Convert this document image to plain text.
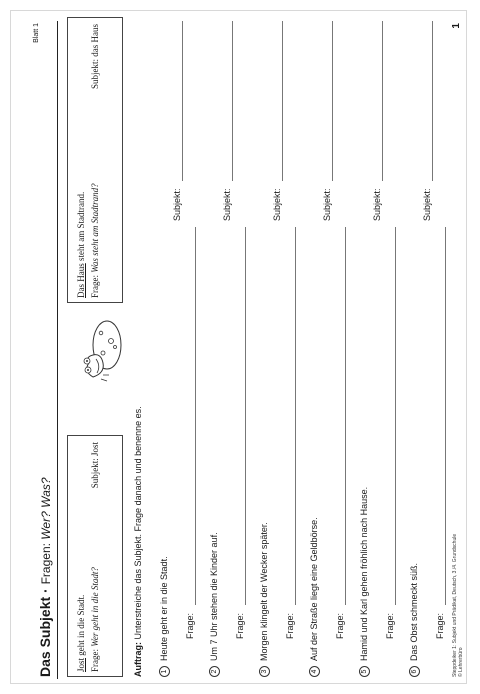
Das Subjekt · Fragen: Wer? Was?
Blatt 1
Jost geht in die Stadt.
Frage: Wer geht in die Stadt?
Subjekt: Jost
Das Haus steht am Stadtrand.
Frage: Was steht am Stadtrand?
Subjekt: das Haus
Auftrag: Unterstreiche das Subjekt. Frage danach und benenne es.
1
Heute geht er in die Stadt.
Subjekt:
Frage:
2
Um 7 Uhr stehen die Kinder auf.
Subjekt:
Frage:
3
Morgen klingelt der Wecker später.
Subjekt:
Frage:
4
Auf der Straße liegt eine Geldbörse.
Subjekt:
Frage:
5
Hamid und Karl gehen fröhlich nach Hause.
Subjekt:
Frage:
6
Das Obst schmeckt süß.
Subjekt:
Frage: Steppdeiker 1: Subjekt und Prädikat, Deutsch, 3./4. Grundschule © Lehrerbüro
1
